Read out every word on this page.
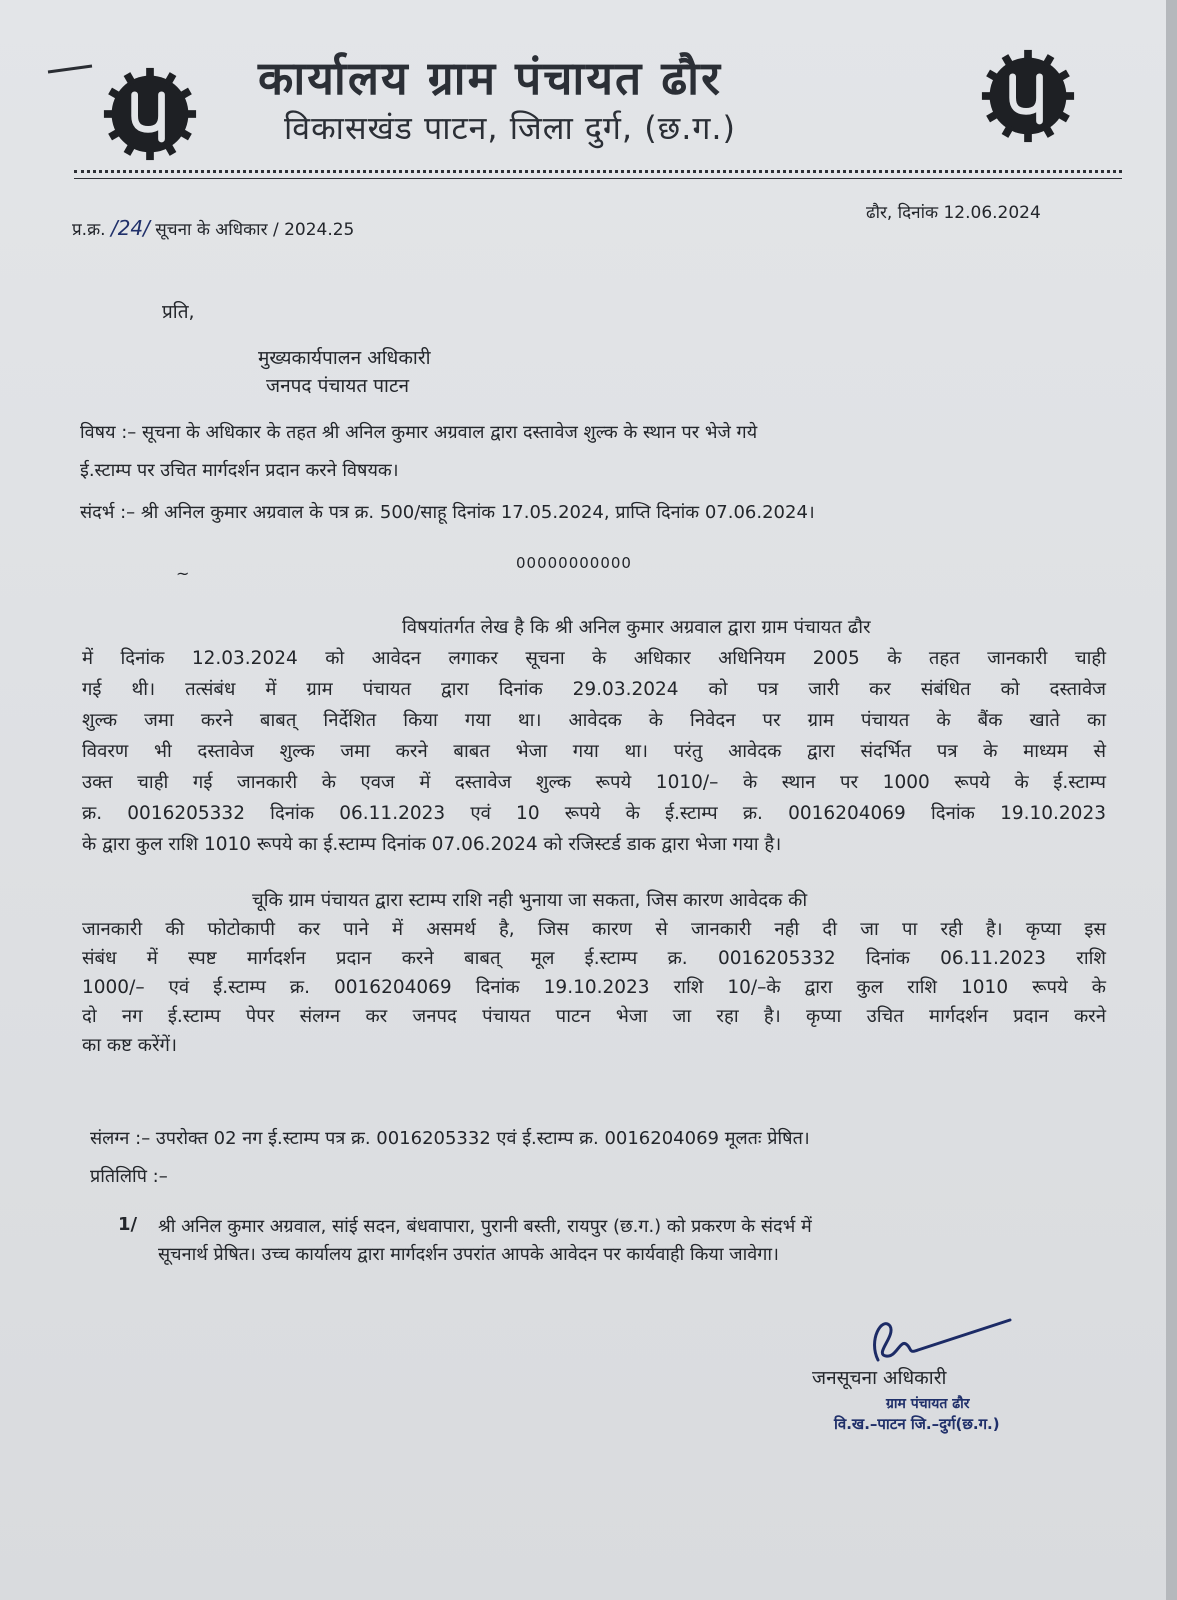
कार्यालय ग्राम पंचायत ढौर
विकासखंड पाटन, जिला दुर्ग, (छ.ग.)
प्र.क्र. /24/ सूचना के अधिकार / 2024.25
ढौर, दिनांक 12.06.2024
प्रति,
मुख्यकार्यपालन अधिकारी
जनपद पंचायत पाटन
विषय :– सूचना के अधिकार के तहत श्री अनिल कुमार अग्रवाल द्वारा दस्तावेज शुल्क के स्थान पर भेजे गये
ई.स्टाम्प पर उचित मार्गदर्शन प्रदान करने विषयक।
संदर्भ :– श्री अनिल कुमार अग्रवाल के पत्र क्र. 500/साहू दिनांक 17.05.2024, प्राप्ति दिनांक 07.06.2024।
~
00000000000
विषयांतर्गत लेख है कि श्री अनिल कुमार अग्रवाल द्वारा ग्राम पंचायत ढौर
में दिनांक 12.03.2024 को आवेदन लगाकर सूचना के अधिकार अधिनियम 2005 के तहत जानकारी चाही
गई थी। तत्संबंध में ग्राम पंचायत द्वारा दिनांक 29.03.2024 को पत्र जारी कर संबंधित को दस्तावेज
शुल्क जमा करने बाबत् निर्देशित किया गया था। आवेदक के निवेदन पर ग्राम पंचायत के बैंक खाते का
विवरण भी दस्तावेज शुल्क जमा करने बाबत भेजा गया था। परंतु आवेदक द्वारा संदर्भित पत्र के माध्यम से
उक्त चाही गई जानकारी के एवज में दस्तावेज शुल्क रूपये 1010/– के स्थान पर 1000 रूपये के ई.स्टाम्प
क्र. 0016205332 दिनांक 06.11.2023 एवं 10 रूपये के ई.स्टाम्प क्र. 0016204069 दिनांक 19.10.2023
के द्वारा कुल राशि 1010 रूपये का ई.स्टाम्प दिनांक 07.06.2024 को रजिस्टर्ड डाक द्वारा भेजा गया है।
चूकि ग्राम पंचायत द्वारा स्टाम्प राशि नही भुनाया जा सकता, जिस कारण आवेदक की
जानकारी की फोटोकापी कर पाने में असमर्थ है, जिस कारण से जानकारी नही दी जा पा रही है। कृप्या इस
संबंध में स्पष्ट मार्गदर्शन प्रदान करने बाबत् मूल ई.स्टाम्प क्र. 0016205332 दिनांक 06.11.2023 राशि
1000/– एवं ई.स्टाम्प क्र. 0016204069 दिनांक 19.10.2023 राशि 10/–के द्वारा कुल राशि 1010 रूपये के
दो नग ई.स्टाम्प पेपर संलग्न कर जनपद पंचायत पाटन भेजा जा रहा है। कृप्या उचित मार्गदर्शन प्रदान करने
का कष्ट करेंगें।
संलग्न :– उपरोक्त 02 नग ई.स्टाम्प पत्र क्र. 0016205332 एवं ई.स्टाम्प क्र. 0016204069 मूलतः प्रेषित।
प्रतिलिपि :–
1/ श्री अनिल कुमार अग्रवाल, सांई सदन, बंधवापारा, पुरानी बस्ती, रायपुर (छ.ग.) को प्रकरण के संदर्भ में
सूचनार्थ प्रेषित। उच्च कार्यालय द्वारा मार्गदर्शन उपरांत आपके आवेदन पर कार्यवाही किया जावेगा।
जनसूचना अधिकारी
ग्राम पंचायत ढौर
वि.ख.–पाटन जि.–दुर्ग(छ.ग.)
